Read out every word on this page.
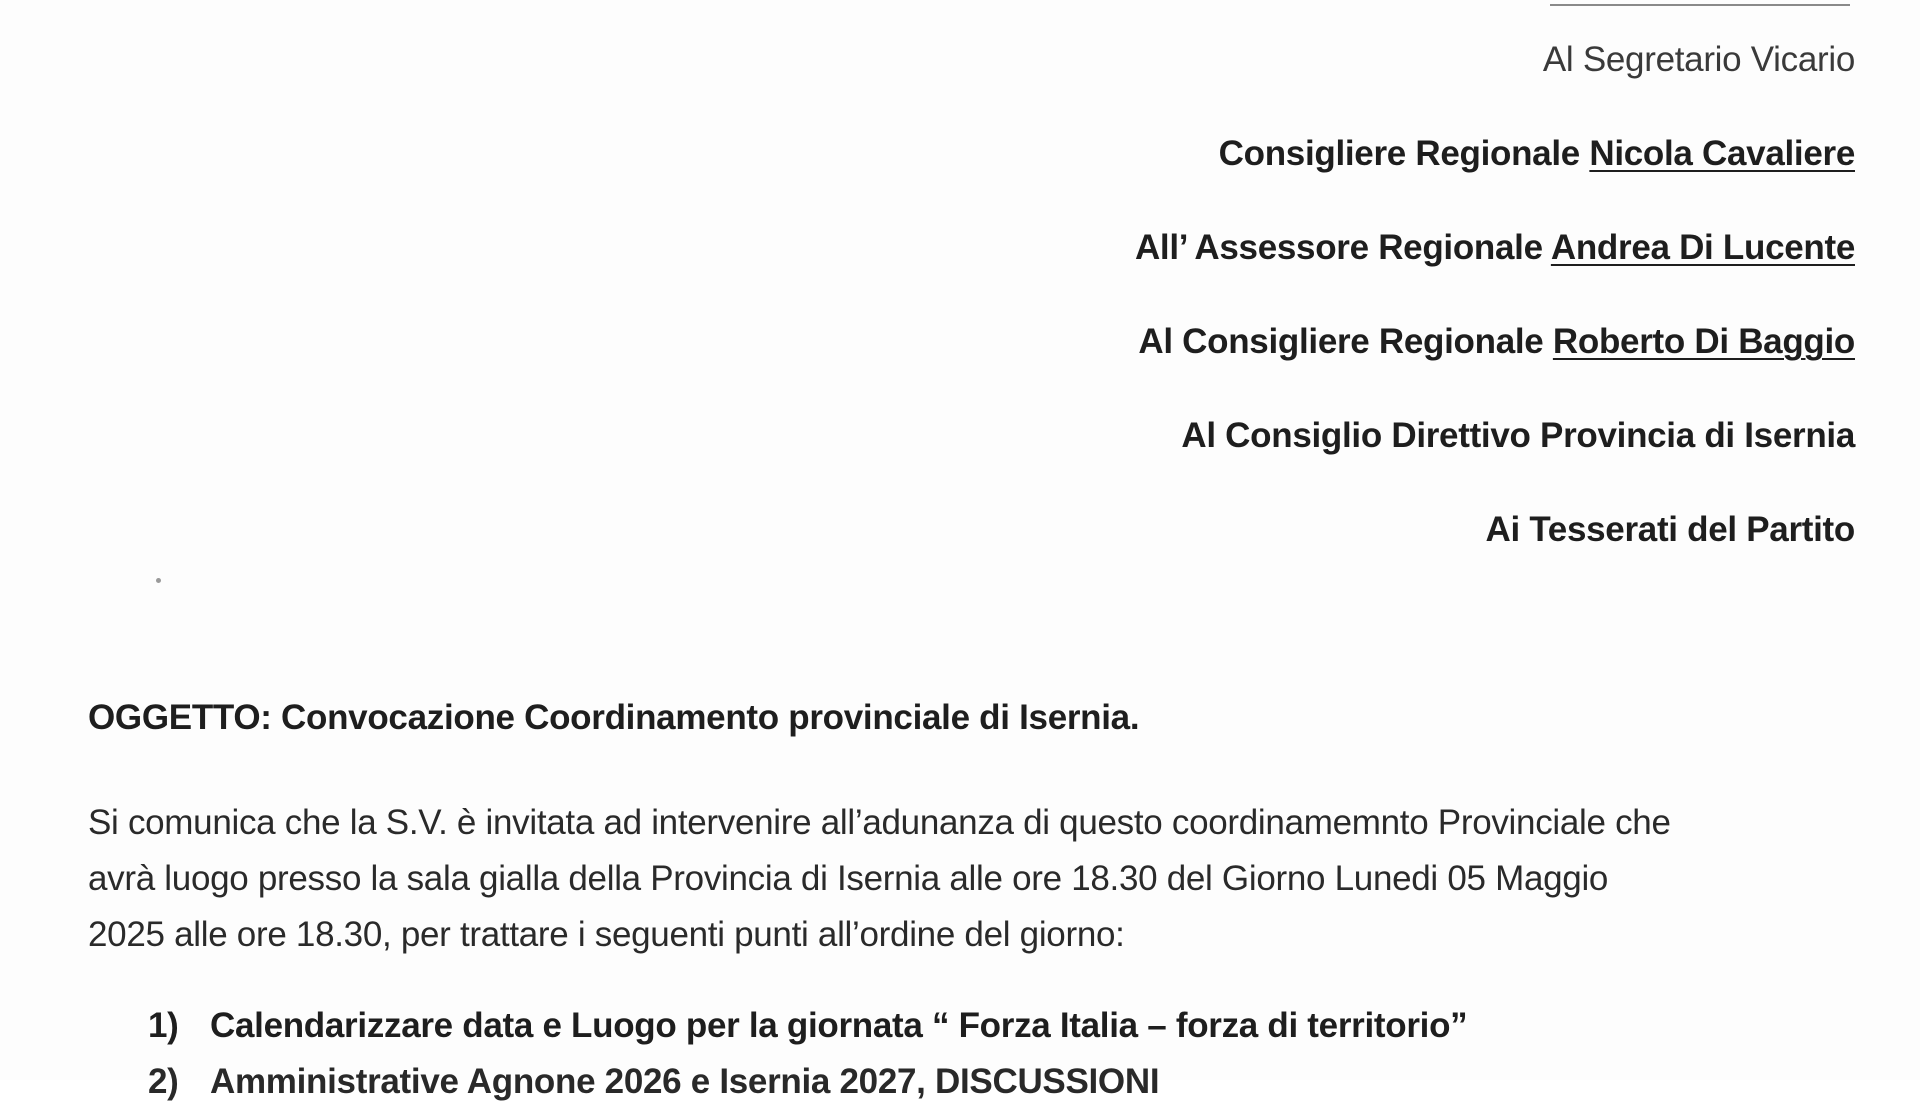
Al Segretario Vicario
Consigliere Regionale Nicola Cavaliere
All’ Assessore Regionale Andrea Di Lucente
Al Consigliere Regionale Roberto Di Baggio
Al Consiglio Direttivo Provincia di Isernia
Ai Tesserati del Partito
OGGETTO: Convocazione Coordinamento provinciale di Isernia.
Si comunica che la S.V. è invitata ad intervenire all’adunanza di questo coordinamemnto Provinciale che
avrà luogo presso la sala gialla della Provincia di Isernia alle ore 18.30 del Giorno Lunedi 05 Maggio
2025 alle ore 18.30, per trattare i seguenti punti all’ordine del giorno:
1) Calendarizzare data e Luogo per la giornata “ Forza Italia – forza di territorio”
2) Amministrative Agnone 2026 e Isernia 2027, DISCUSSIONI
